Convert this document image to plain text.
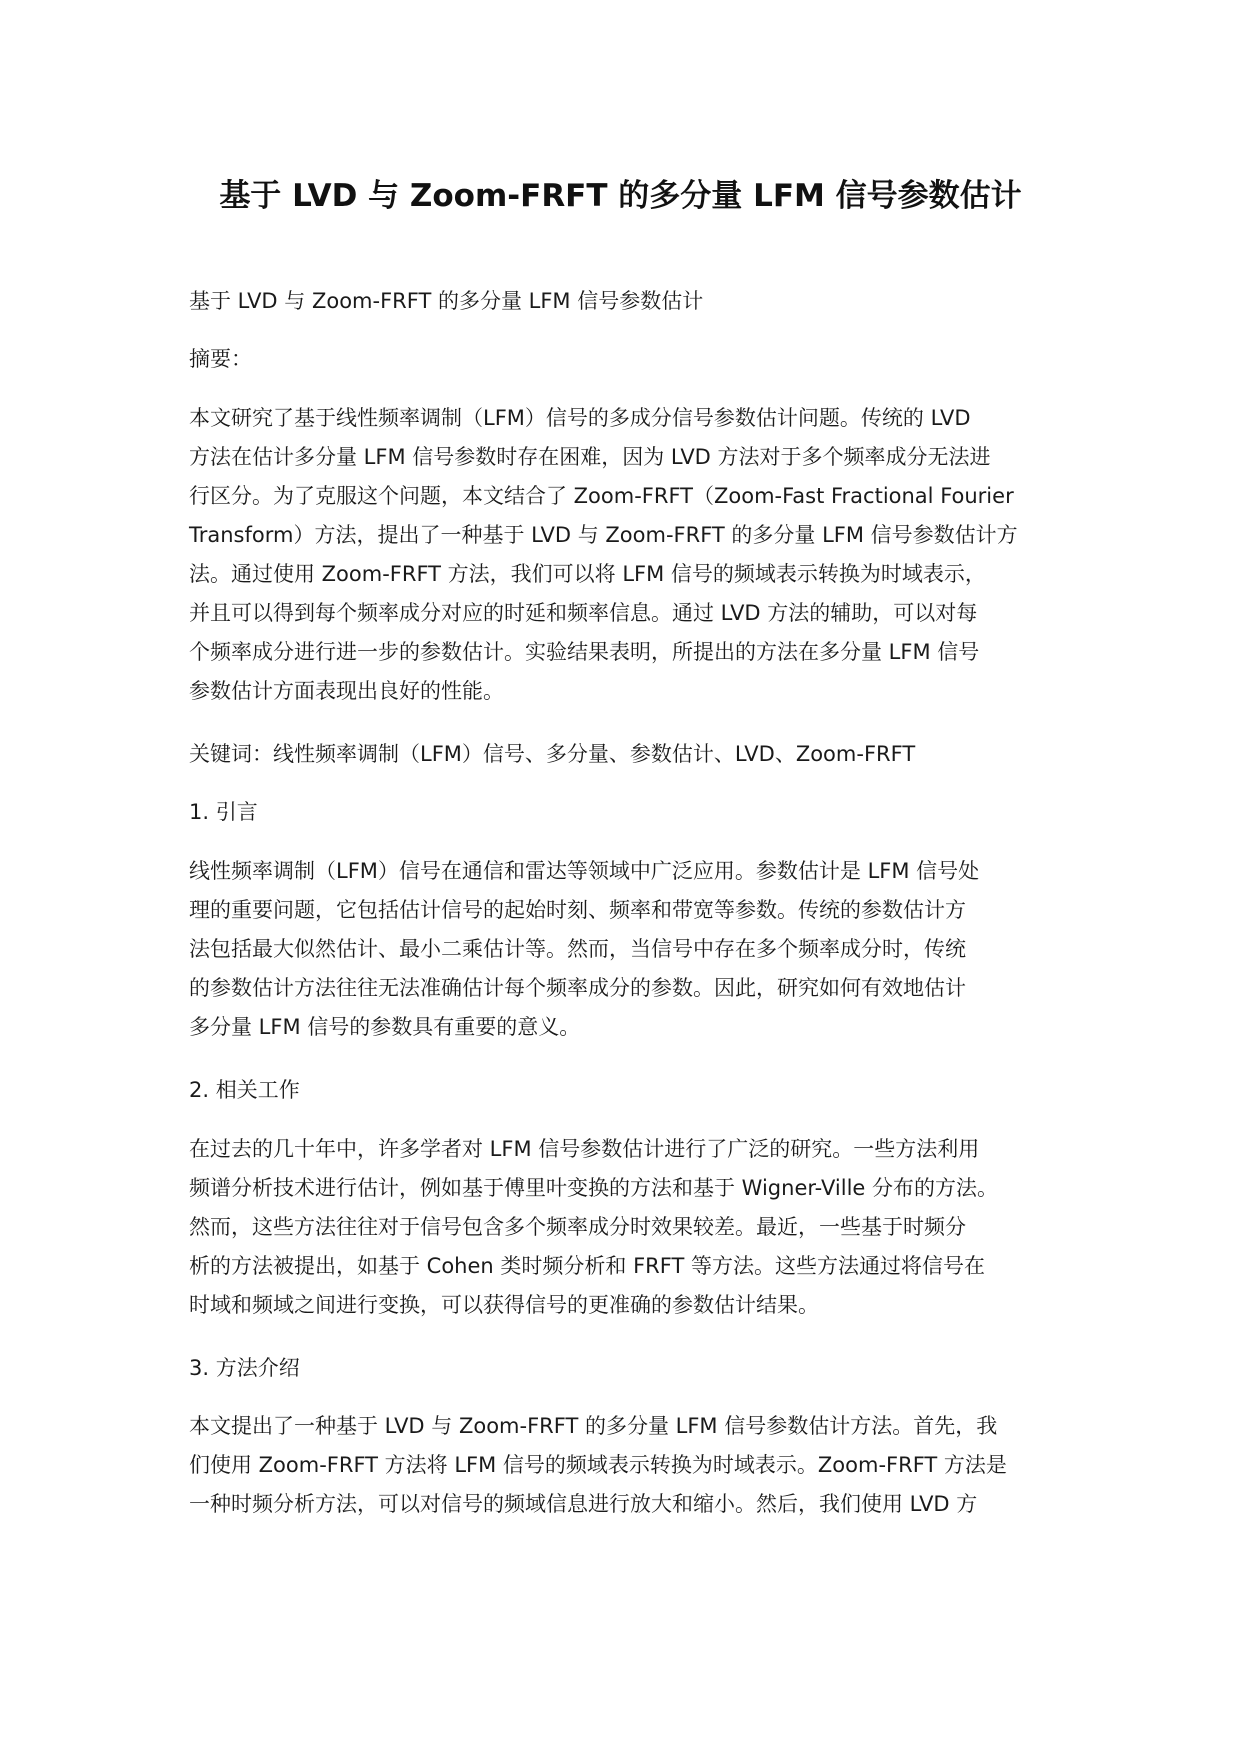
基于 LVD 与 Zoom-FRFT 的多分量 LFM 信号参数估计
基于 LVD 与 Zoom-FRFT 的多分量 LFM 信号参数估计
摘要：
本文研究了基于线性频率调制（LFM）信号的多成分信号参数估计问题。传统的 LVD
方法在估计多分量 LFM 信号参数时存在困难，因为 LVD 方法对于多个频率成分无法进
行区分。为了克服这个问题，本文结合了 Zoom-FRFT（Zoom-Fast Fractional Fourier
Transform）方法，提出了一种基于 LVD 与 Zoom-FRFT 的多分量 LFM 信号参数估计方
法。通过使用 Zoom-FRFT 方法，我们可以将 LFM 信号的频域表示转换为时域表示，
并且可以得到每个频率成分对应的时延和频率信息。通过 LVD 方法的辅助，可以对每
个频率成分进行进一步的参数估计。实验结果表明，所提出的方法在多分量 LFM 信号
参数估计方面表现出良好的性能。
关键词：线性频率调制（LFM）信号、多分量、参数估计、LVD、Zoom-FRFT
1. 引言
线性频率调制（LFM）信号在通信和雷达等领域中广泛应用。参数估计是 LFM 信号处
理的重要问题，它包括估计信号的起始时刻、频率和带宽等参数。传统的参数估计方
法包括最大似然估计、最小二乘估计等。然而，当信号中存在多个频率成分时，传统
的参数估计方法往往无法准确估计每个频率成分的参数。因此，研究如何有效地估计
多分量 LFM 信号的参数具有重要的意义。
2. 相关工作
在过去的几十年中，许多学者对 LFM 信号参数估计进行了广泛的研究。一些方法利用
频谱分析技术进行估计，例如基于傅里叶变换的方法和基于 Wigner-Ville 分布的方法。
然而，这些方法往往对于信号包含多个频率成分时效果较差。最近，一些基于时频分
析的方法被提出，如基于 Cohen 类时频分析和 FRFT 等方法。这些方法通过将信号在
时域和频域之间进行变换，可以获得信号的更准确的参数估计结果。
3. 方法介绍
本文提出了一种基于 LVD 与 Zoom-FRFT 的多分量 LFM 信号参数估计方法。首先，我
们使用 Zoom-FRFT 方法将 LFM 信号的频域表示转换为时域表示。Zoom-FRFT 方法是
一种时频分析方法，可以对信号的频域信息进行放大和缩小。然后，我们使用 LVD 方
